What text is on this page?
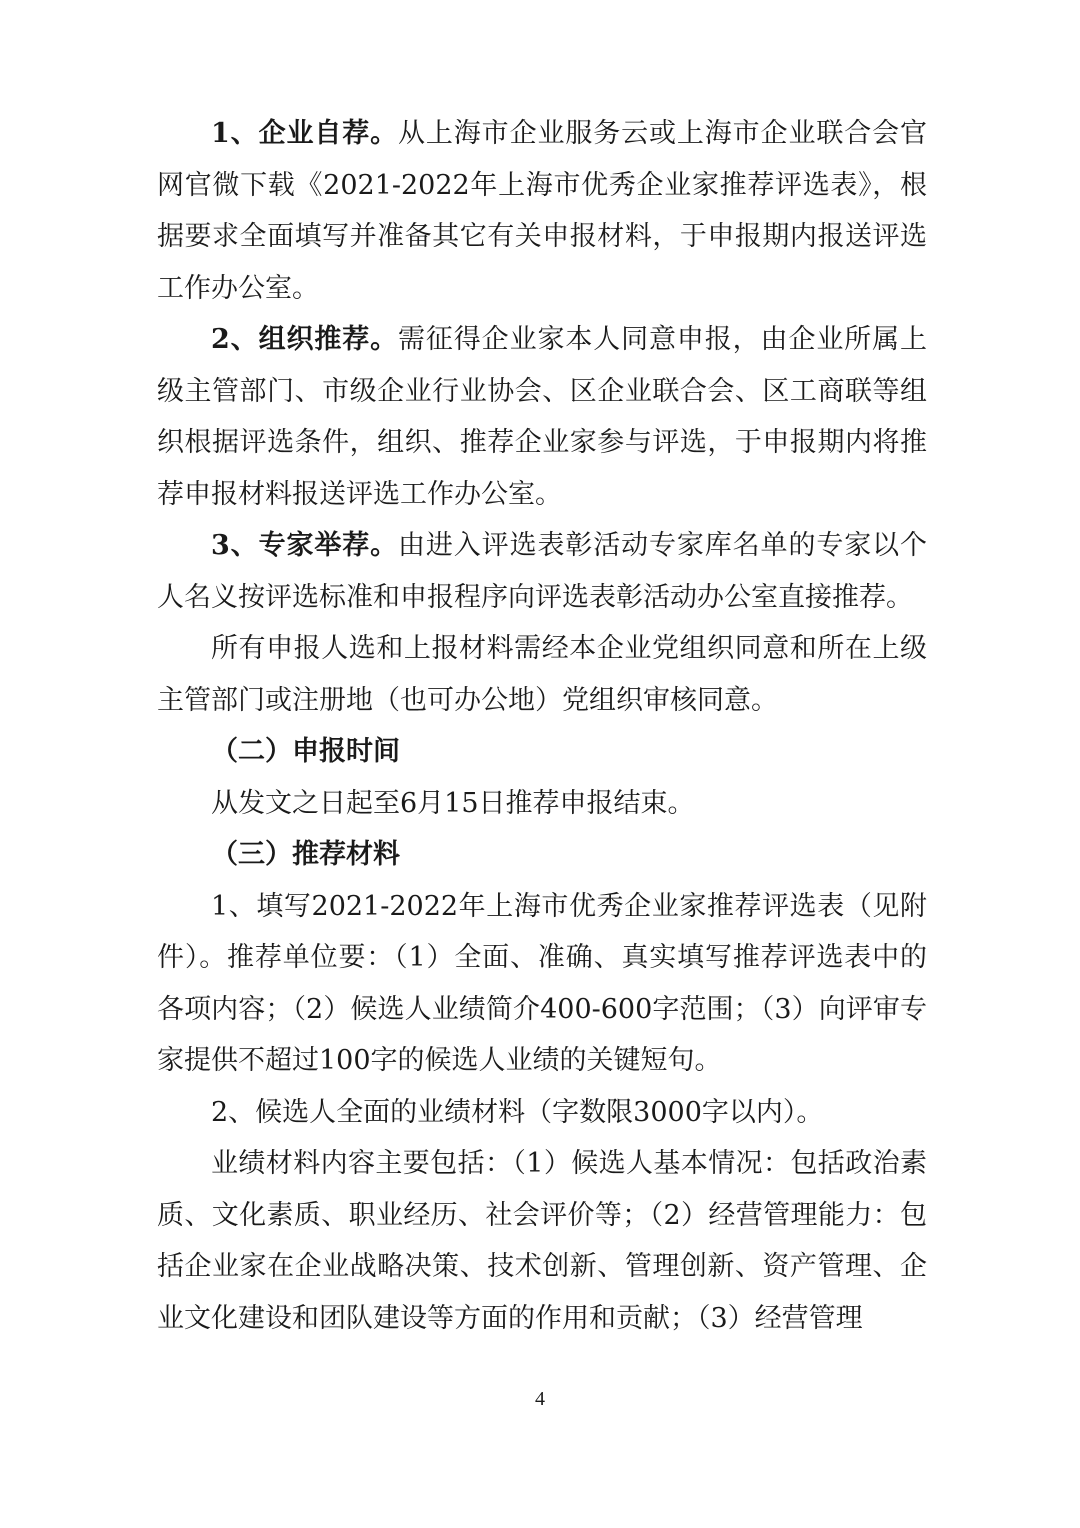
1、企业自荐。从上海市企业服务云或上海市企业联合会官网官微下载《2021-2022年上海市优秀企业家推荐评选表》，根据要求全面填写并准备其它有关申报材料，于申报期内报送评选工作办公室。

2、组织推荐。需征得企业家本人同意申报，由企业所属上级主管部门、市级企业行业协会、区企业联合会、区工商联等组织根据评选条件，组织、推荐企业家参与评选，于申报期内将推荐申报材料报送评选工作办公室。

3、专家举荐。由进入评选表彰活动专家库名单的专家以个人名义按评选标准和申报程序向评选表彰活动办公室直接推荐。

所有申报人选和上报材料需经本企业党组织同意和所在上级主管部门或注册地（也可办公地）党组织审核同意。

（二）申报时间

从发文之日起至6月15日推荐申报结束。

（三）推荐材料

1、填写2021-2022年上海市优秀企业家推荐评选表（见附件）。推荐单位要：（1）全面、准确、真实填写推荐评选表中的各项内容；（2）候选人业绩简介400-600字范围；（3）向评审专家提供不超过100字的候选人业绩的关键短句。

2、候选人全面的业绩材料（字数限3000字以内）。

业绩材料内容主要包括：（1）候选人基本情况：包括政治素质、文化素质、职业经历、社会评价等；（2）经营管理能力：包括企业家在企业战略决策、技术创新、管理创新、资产管理、企业文化建设和团队建设等方面的作用和贡献；（3）经营管理

4
